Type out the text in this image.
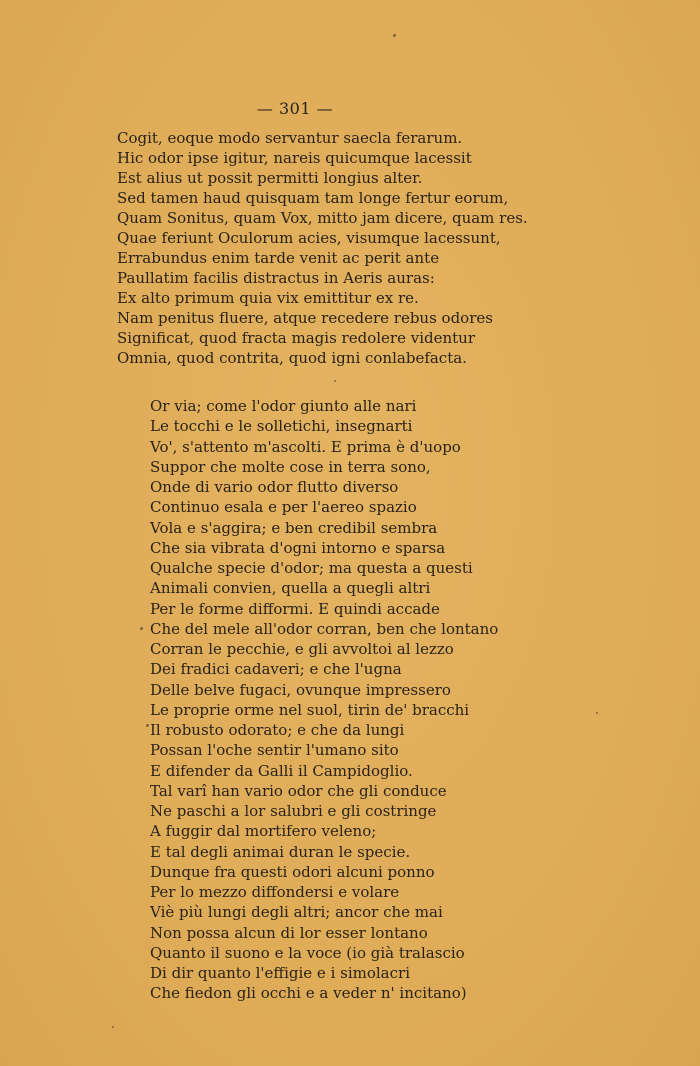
— 301 —
Cogit, eoque modo servantur saecla ferarum.
Hic odor ipse igitur, nareis quicumque lacessit
Est alius ut possit permitti longius alter.
Sed tamen haud quisquam tam longe fertur eorum,
Quam Sonitus, quam Vox, mitto jam dicere, quam res.
Quae feriunt Oculorum acies, visumque lacessunt,
Errabundus enim tarde venit ac perit ante
Paullatim facilis distractus in Aeris auras:
Ex alto primum quia vix emittitur ex re.
Nam penitus fluere, atque recedere rebus odores
Significat, quod fracta magis redolere videntur
Omnia, quod contrita, quod igni conlabefacta.
Or via; come l'odor giunto alle nari
Le tocchi e le solletichi, insegnarti
Vo', s'attento m'ascolti. E prima è d'uopo
Suppor che molte cose in terra sono,
Onde di vario odor flutto diverso
Continuo esala e per l'aereo spazio
Vola e s'aggira; e ben credibil sembra
Che sia vibrata d'ogni intorno e sparsa
Qualche specie d'odor; ma questa a questi
Animali convien, quella a quegli altri
Per le forme difformi. E quindi accade
Che del mele all'odor corran, ben che lontano
Corran le pecchie, e gli avvoltoi al lezzo
Dei fradici cadaveri; e che l'ugna
Delle belve fugaci, ovunque impressero
Le proprie orme nel suol, tirin de' bracchi
Il robusto odorato; e che da lungi
Possan l'oche sentir l'umano sito
E difender da Galli il Campidoglio.
Tal varî han vario odor che gli conduce
Ne paschi a lor salubri e gli costringe
A fuggir dal mortifero veleno;
E tal degli animai duran le specie.
Dunque fra questi odori alcuni ponno
Per lo mezzo diffondersi e volare
Viè più lungi degli altri; ancor che mai
Non possa alcun di lor esser lontano
Quanto il suono e la voce (io già tralascio
Di dir quanto l'effigie e i simolacri
Che fiedon gli occhi e a veder n' incitano)
